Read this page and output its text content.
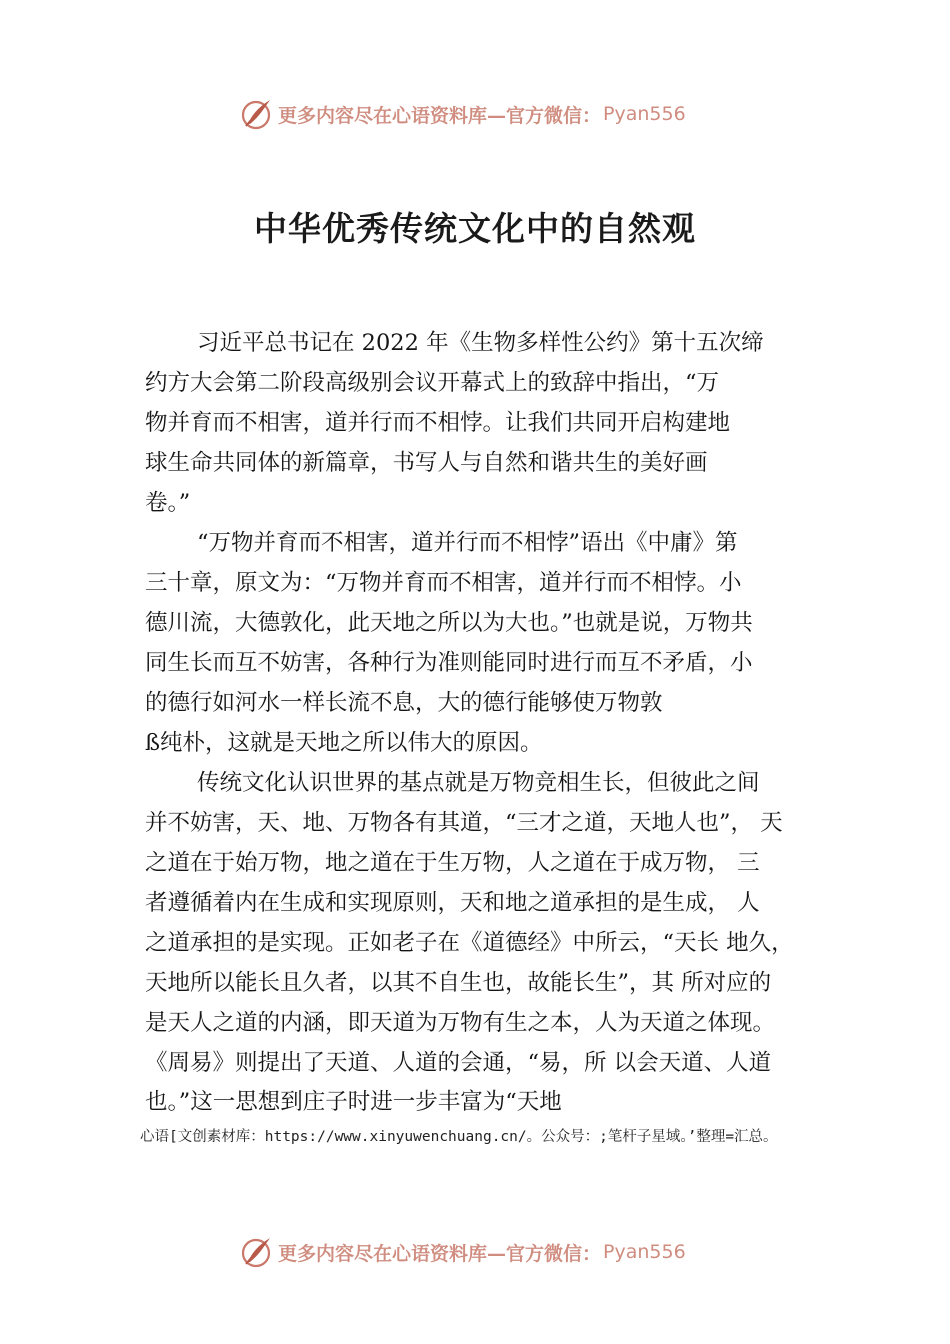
更多内容尽在心语资料库—官方微信： Pyan556
中华优秀传统文化中的自然观
习近平总书记在 2022 年《生物多样性公约》第十五次缔
约方大会第二阶段高级别会议开幕式上的致辞中指出，“万
物并育而不相害，道并行而不相悖。让我们共同开启构建地
球生命共同体的新篇章，书写人与自然和谐共生的美好画
卷。”
“万物并育而不相害，道并行而不相悖”语出《中庸》第
三十章，原文为：“万物并育而不相害，道并行而不相悖。小
德川流，大德敦化，此天地之所以为大也。”也就是说，万物共
同生长而互不妨害，各种行为准则能同时进行而互不矛盾，小
的德行如河水一样长流不息，大的德行能够使万物敦
ß纯朴，这就是天地之所以伟大的原因。
传统文化认识世界的基点就是万物竞相生长，但彼此之间
并不妨害，天、地、万物各有其道，“三才之道，天地人也”， 天
之道在于始万物，地之道在于生万物，人之道在于成万物， 三
者遵循着内在生成和实现原则，天和地之道承担的是生成， 人
之道承担的是实现。正如老子在《道德经》中所云，“天长 地久，
天地所以能长且久者，以其不自生也，故能长生”，其 所对应的
是天人之道的内涵，即天道为万物有生之本，人为天道之体现。
《周易》则提出了天道、人道的会通，“易，所 以会天道、人道
也。”这一思想到庄子时进一步丰富为“天地
心语[文创素材库：https://www.xinyuwenchuang.cn/。公众号：;笔杆子星域。’整理=汇总。
更多内容尽在心语资料库—官方微信： Pyan556
